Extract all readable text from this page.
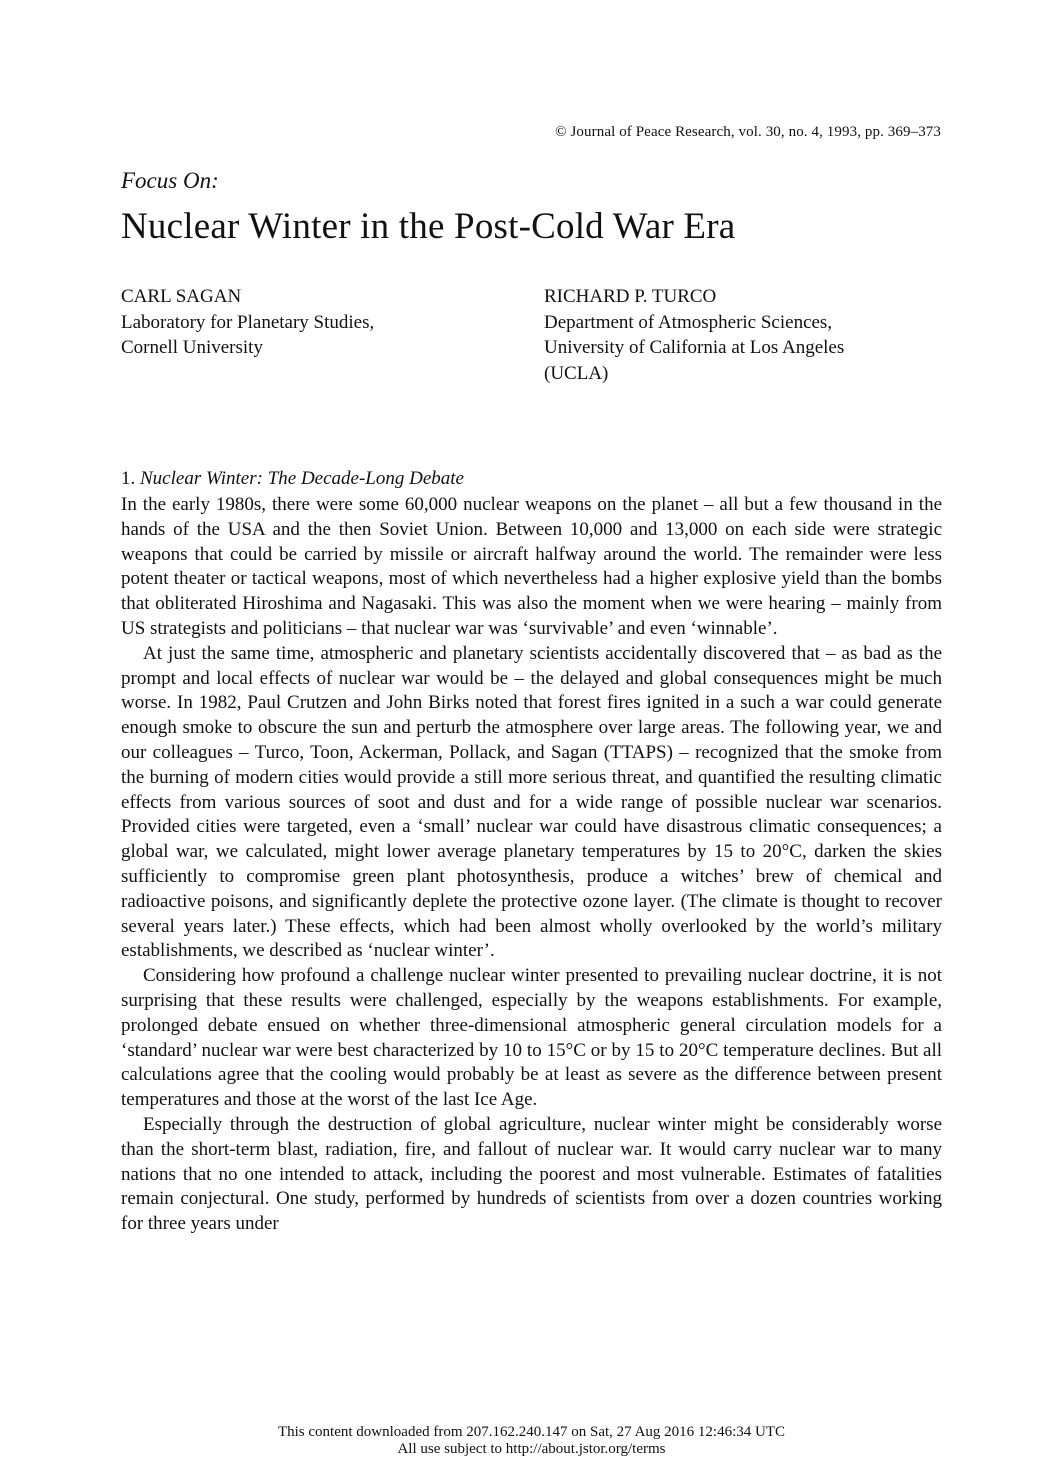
© Journal of Peace Research, vol. 30, no. 4, 1993, pp. 369–373
Focus On:
Nuclear Winter in the Post-Cold War Era
CARL SAGAN
Laboratory for Planetary Studies,
Cornell University
RICHARD P. TURCO
Department of Atmospheric Sciences,
University of California at Los Angeles
(UCLA)
1. Nuclear Winter: The Decade-Long Debate

In the early 1980s, there were some 60,000 nuclear weapons on the planet – all but a few thousand in the hands of the USA and the then Soviet Union. Between 10,000 and 13,000 on each side were strategic weapons that could be carried by missile or aircraft halfway around the world. The remainder were less potent theater or tactical weapons, most of which nevertheless had a higher explosive yield than the bombs that obliterated Hiroshima and Nagasaki. This was also the moment when we were hearing – mainly from US strategists and politicians – that nuclear war was ‘survivable’ and even ‘winnable’.

At just the same time, atmospheric and planetary scientists accidentally discovered that – as bad as the prompt and local effects of nuclear war would be – the delayed and global consequences might be much worse. In 1982, Paul Crutzen and John Birks noted that forest fires ignited in a such a war could generate enough smoke to obscure the sun and perturb the atmosphere over large areas. The following year, we and our colleagues – Turco, Toon, Ackerman, Pollack, and Sagan (TTAPS) – recognized that the smoke from the burning of modern cities would provide a still more serious threat, and quantified the resulting climatic effects from various sources of soot and dust and for a wide range of possible nuclear war scenarios. Provided cities were targeted, even a ‘small’ nuclear war could have disastrous climatic consequences; a global war, we calculated, might lower average planetary temperatures by 15 to 20°C, darken the skies sufficiently to compromise green plant photosynthesis, produce a witches’ brew of chemical and radioactive poisons, and significantly deplete the protective ozone layer. (The climate is thought to recover several years later.) These effects, which had been almost wholly overlooked by the world’s military establishments, we described as ‘nuclear winter’.

Considering how profound a challenge nuclear winter presented to prevailing nuclear doctrine, it is not surprising that these results were challenged, especially by the weapons establishments. For example, prolonged debate ensued on whether three-dimensional atmospheric general circulation models for a ‘standard’ nuclear war were best characterized by 10 to 15°C or by 15 to 20°C temperature declines. But all calculations agree that the cooling would probably be at least as severe as the difference between present temperatures and those at the worst of the last Ice Age.

Especially through the destruction of global agriculture, nuclear winter might be considerably worse than the short-term blast, radiation, fire, and fallout of nuclear war. It would carry nuclear war to many nations that no one intended to attack, including the poorest and most vulnerable. Estimates of fatalities remain conjectural. One study, performed by hundreds of scientists from over a dozen countries working for three years under

This content downloaded from 207.162.240.147 on Sat, 27 Aug 2016 12:46:34 UTC
All use subject to http://about.jstor.org/terms
